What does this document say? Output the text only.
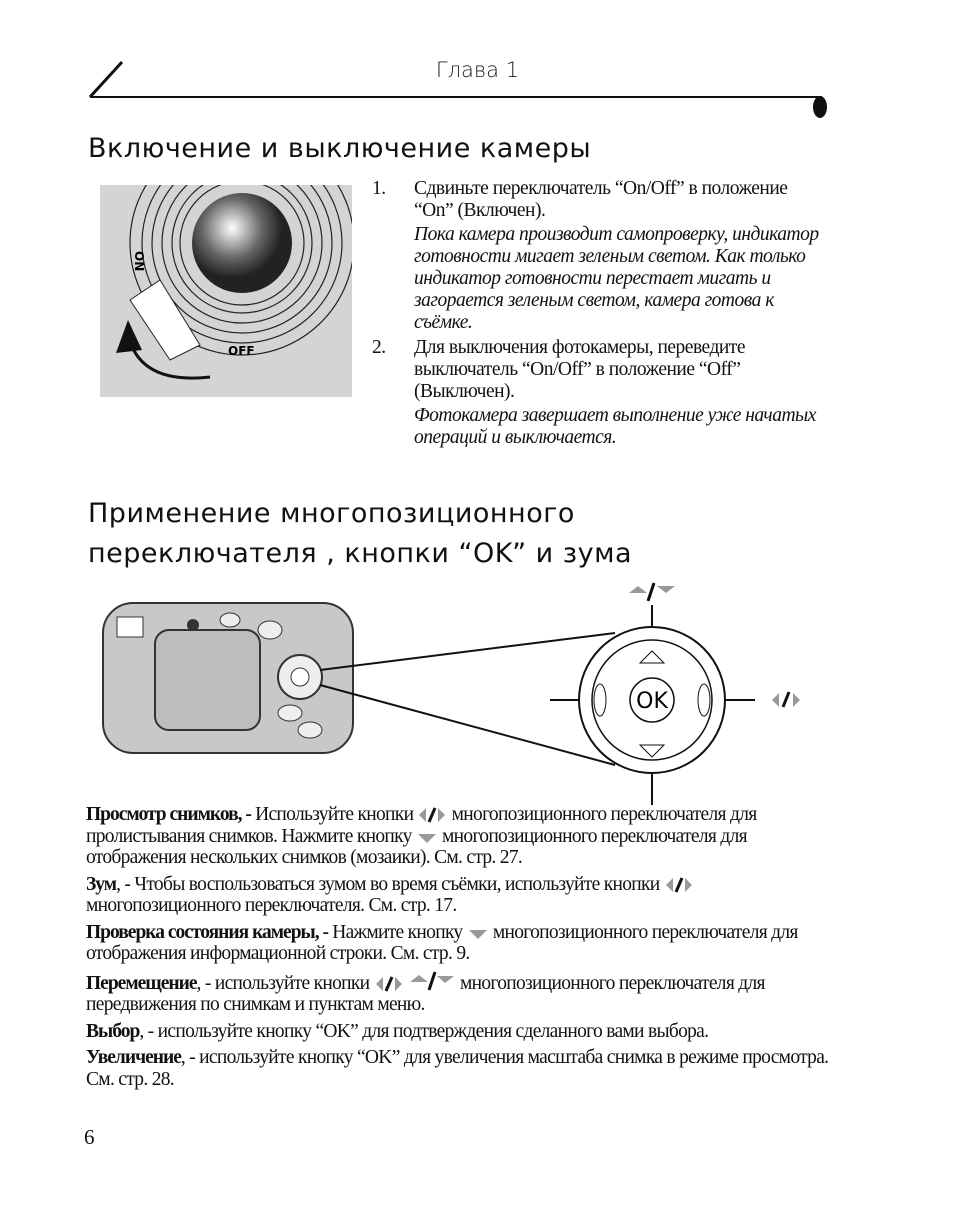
Глава 1
Включение и выключение камеры
ON
OFF
1.	Сдвиньте переключатель “On/Off” в положение “On” (Включен).
Пока камера производит самопроверку, индикатор готовности мигает зеленым светом. Как только индикатор готовности перестает мигать и загорается зеленым светом, камера готова к съёмке.
2.	Для выключения фотокамеры, переведите выключатель “On/Off” в положение “Off” (Выключен).
Фотокамера завершает выполнение уже начатых операций и выключается.
Применение многопозиционного
переключателя , кнопки “OK” и зума
OK
Просмотр снимков, - Используйте кнопки  многопозиционного переключателя для пролистывания снимков. Нажмите кнопку  многопозиционного переключателя для отображения нескольких снимков (мозаики). См. стр. 27.
Зум, - Чтобы воспользоваться зумом во время съёмки, используйте кнопки  многопозиционного переключателя. См. стр. 17.
Проверка состояния камеры, - Нажмите кнопку  многопозиционного переключателя для отображения информационной строки. См. стр. 9.
Перемещение, - используйте кнопки	многопозиционного переключателя для передвижения по снимкам и пунктам меню.
Выбор, - используйте кнопку “OK” для подтверждения сделанного вами выбора.
Увеличение, - используйте кнопку “OK” для увеличения масштаба снимка в режиме просмотра. См. стр. 28.
6
